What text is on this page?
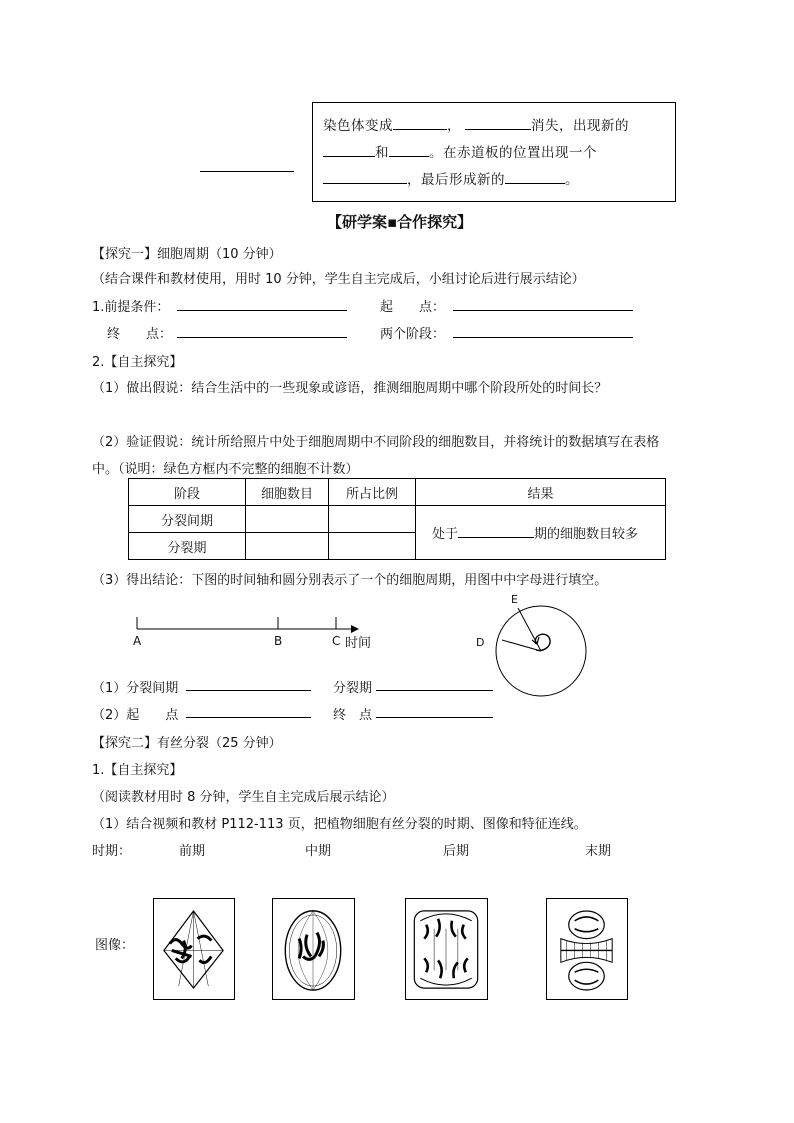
染色体变成	，	消失，出现新的
和	。在赤道板的位置出现一个
，最后形成新的	。
【研学案▪合作探究】
【探究一】细胞周期（10 分钟）
（结合课件和教材使用，用时 10 分钟，学生自主完成后，小组讨论后进行展示结论）
1.前提条件：	起　　点：
终　　点：	两个阶段：
2.【自主探究】
（1）做出假说：结合生活中的一些现象或谚语，推测细胞周期中哪个阶段所处的时间长？
（2）验证假说：统计所给照片中处于细胞周期中不同阶段的细胞数目，并将统计的数据填写在表格
中。（说明：绿色方框内不完整的细胞不计数）
阶段	细胞数目	所占比例	结果
分裂间期			处于 期的细胞数目较多
分裂期			
（3）得出结论：下图的时间轴和圆分别表示了一个的细胞周期，用图中中字母进行填空。
A	B	C 时间
E
D
（1）分裂间期	分裂期
（2）起　　点	终　点
【探究二】有丝分裂（25 分钟）
1.【自主探究】
（阅读教材用时 8 分钟，学生自主完成后展示结论）
（1）结合视频和教材 P112-113 页，把植物细胞有丝分裂的时期、图像和特征连线。
时期：	前期	中期	后期	末期
图像：
